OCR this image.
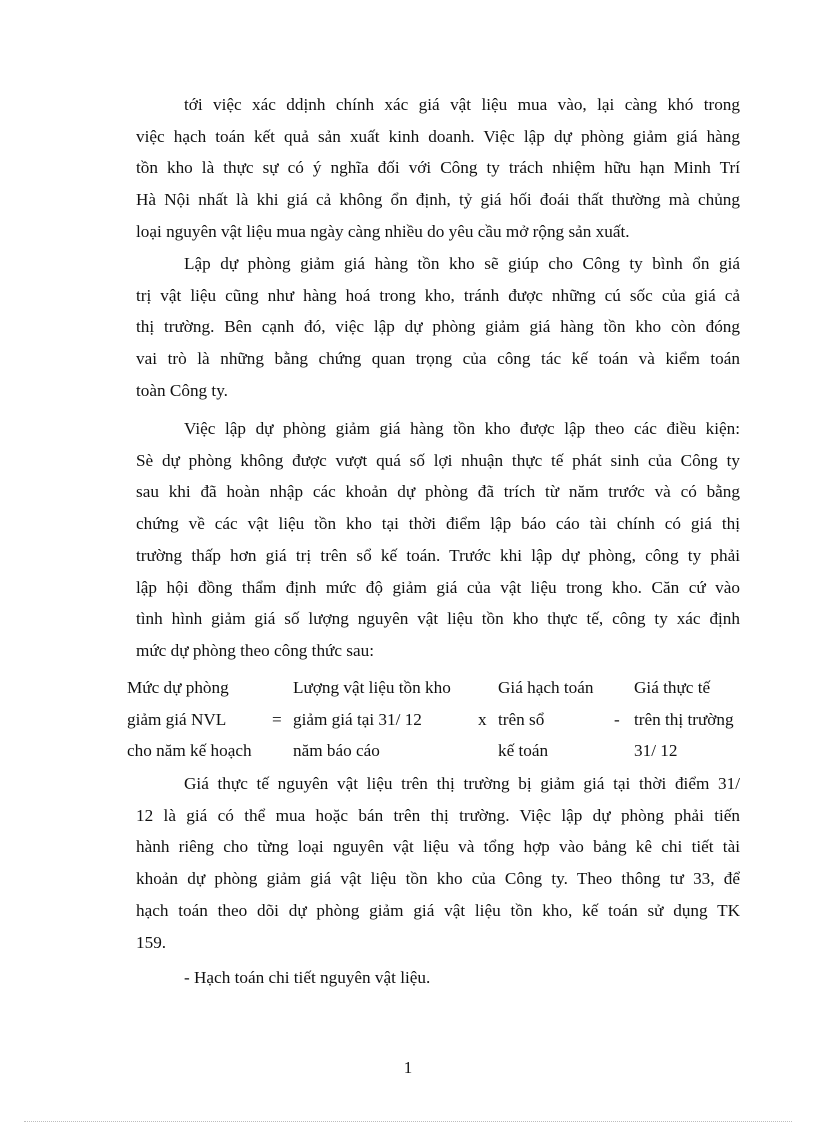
tới việc xác ddịnh chính xác giá vật liệu mua vào, lại càng khó trong
việc hạch toán kết quả sản xuất kinh doanh. Việc lập dự phòng giảm giá hàng
tồn kho là thực sự có ý nghĩa đối với Công ty trách nhiệm hữu hạn Minh Trí
Hà Nội nhất là khi giá cả không ổn định, tỷ giá hối đoái thất thường mà chủng
loại nguyên vật liệu mua ngày càng nhiều do yêu cầu mở rộng sản xuất.
Lập dự phòng giảm giá hàng tồn kho sẽ giúp cho Công ty bình ổn giá
trị vật liệu cũng như hàng hoá trong kho, tránh được những cú sốc của giá cả
thị trường. Bên cạnh đó, việc lập dự phòng giảm giá hàng tồn kho còn đóng
vai trò là những bằng chứng quan trọng của công tác kế toán và kiểm toán
toàn Công ty.
Việc lập dự phòng giảm giá hàng tồn kho được lập theo các điều kiện:
Sè dự phòng không được vượt quá số lợi nhuận thực tế phát sinh của Công ty
sau khi đã hoàn nhập các khoản dự phòng đã trích từ năm trước và có bằng
chứng về các vật liệu tồn kho tại thời điểm lập báo cáo tài chính có giá thị
trường thấp hơn giá trị trên sổ kế toán. Trước khi lập dự phòng, công ty phải
lập hội đồng thẩm định mức độ giảm giá của vật liệu trong kho. Căn cứ vào
tình hình giảm giá số lượng nguyên vật liệu tồn kho thực tế, công ty xác định
mức dự phòng theo công thức sau:
Mức dự phòng
giảm giá NVL
cho năm kế hoạch
=
Lượng vật liệu tồn kho
giảm giá tại 31/ 12
năm báo cáo
x
Giá hạch toán
trên sổ
kế toán
-
Giá thực tế
trên thị trường
31/ 12
Giá thực tế nguyên vật liệu trên thị trường bị giảm giá tại thời điểm 31/
12 là giá có thể mua hoặc bán trên thị trường. Việc lập dự phòng phải tiến
hành riêng cho từng loại nguyên vật liệu và tổng hợp vào bảng kê chi tiết tài
khoản dự phòng giảm giá vật liệu tồn kho của Công ty. Theo thông tư 33, để
hạch toán theo dõi dự phòng giảm giá vật liệu tồn kho, kế toán sử dụng TK
159.
- Hạch toán chi tiết nguyên vật liệu.
1
